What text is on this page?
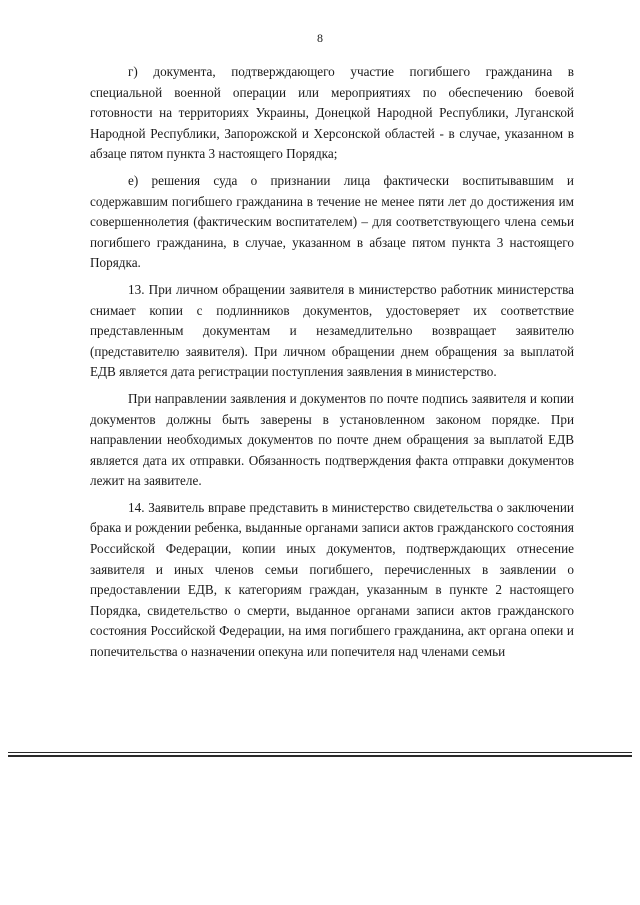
8

г) документа, подтверждающего участие погибшего гражданина в специальной военной операции или мероприятиях по обеспечению боевой готовности на территориях Украины, Донецкой Народной Республики, Луганской Народной Республики, Запорожской и Херсонской областей - в случае, указанном в абзаце пятом пункта 3 настоящего Порядка;

е) решения суда о признании лица фактически воспитывавшим и содержавшим погибшего гражданина в течение не менее пяти лет до достижения им совершеннолетия (фактическим воспитателем) – для соответствующего члена семьи погибшего гражданина, в случае, указанном в абзаце пятом пункта 3 настоящего Порядка.

13. При личном обращении заявителя в министерство работник министерства снимает копии с подлинников документов, удостоверяет их соответствие представленным документам и незамедлительно возвращает заявителю (представителю заявителя). При личном обращении днем обращения за выплатой ЕДВ является дата регистрации поступления заявления в министерство.

При направлении заявления и документов по почте подпись заявителя и копии документов должны быть заверены в установленном законом порядке. При направлении необходимых документов по почте днем обращения за выплатой ЕДВ является дата их отправки. Обязанность подтверждения факта отправки документов лежит на заявителе.

14. Заявитель вправе представить в министерство свидетельства о заключении брака и рождении ребенка, выданные органами записи актов гражданского состояния Российской Федерации, копии иных документов, подтверждающих отнесение заявителя и иных членов семьи погибшего, перечисленных в заявлении о предоставлении ЕДВ, к категориям граждан, указанным в пункте 2 настоящего Порядка, свидетельство о смерти, выданное органами записи актов гражданского состояния Российской Федерации, на имя погибшего гражданина, акт органа опеки и попечительства о назначении опекуна или попечителя над членами семьи
